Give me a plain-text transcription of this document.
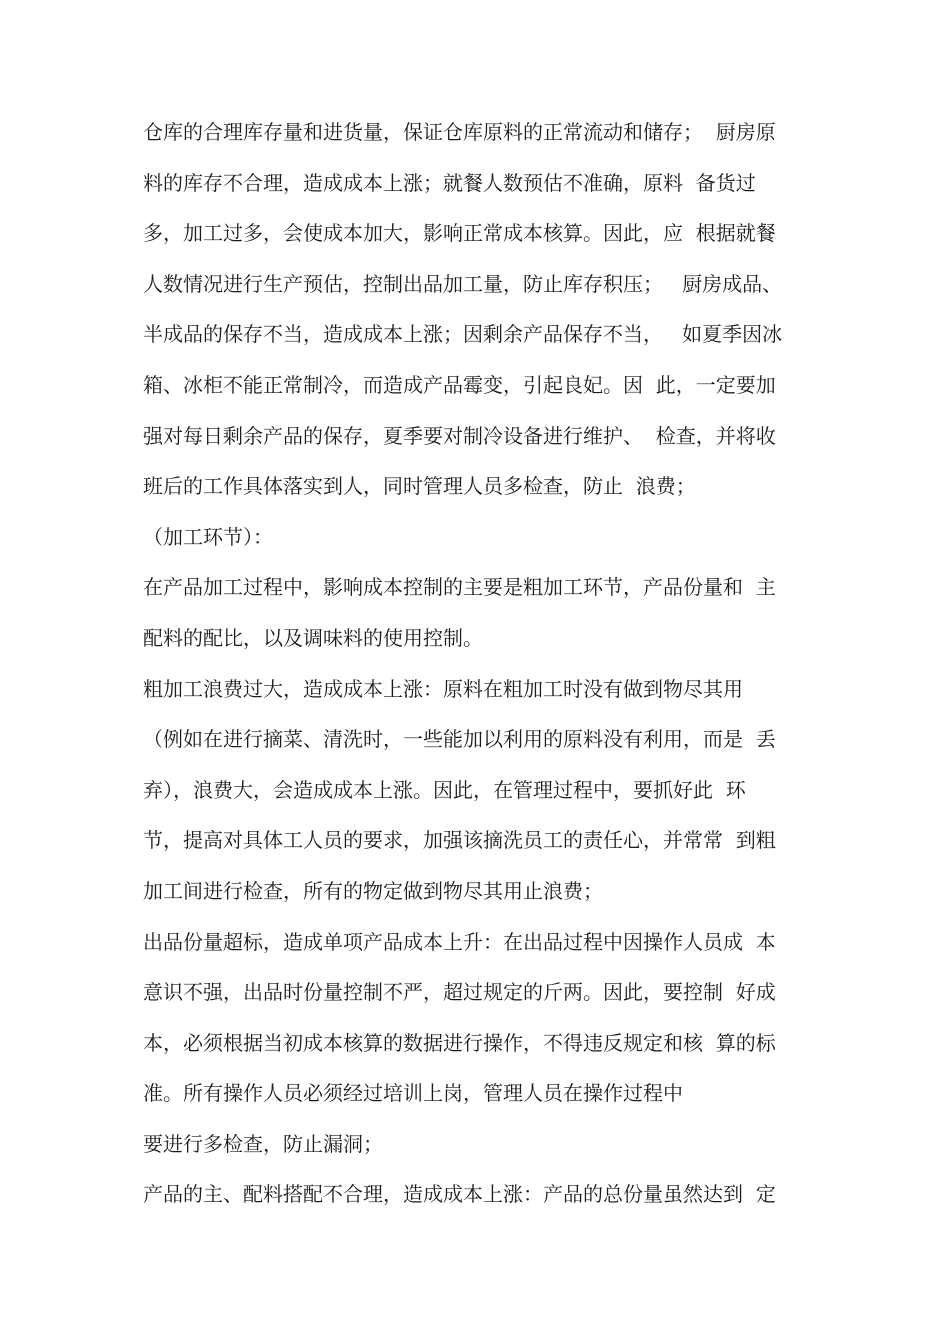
仓库的合理库存量和进货量，保证仓库原料的正常流动和储存；  厨房原
料的库存不合理，造成成本上涨；就餐人数预估不准确，原料  备货过
多，加工过多，会使成本加大，影响正常成本核算。因此，应  根据就餐
人数情况进行生产预估，控制出品加工量，防止库存积压；   厨房成品、
半成品的保存不当，造成成本上涨；因剩余产品保存不当，   如夏季因冰
箱、冰柜不能正常制冷，而造成产品霉变，引起良妃。因  此，一定要加
强对每日剩余产品的保存，夏季要对制冷设备进行维护、  检查，并将收
班后的工作具体落实到人，同时管理人员多检查，防止  浪费；
（加工环节）：
在产品加工过程中，影响成本控制的主要是粗加工环节，产品份量和  主
配料的配比，以及调味料的使用控制。
粗加工浪费过大，造成成本上涨：原料在粗加工时没有做到物尽其用
（例如在进行摘菜、清洗时，一些能加以利用的原料没有利用，而是  丢
弃），浪费大，会造成成本上涨。因此，在管理过程中，要抓好此  环
节，提高对具体工人员的要求，加强该摘洗员工的责任心，并常常  到粗
加工间进行检查，所有的物定做到物尽其用止浪费；
出品份量超标，造成单项产品成本上升：在出品过程中因操作人员成  本
意识不强，出品时份量控制不严，超过规定的斤两。因此，要控制  好成
本，必须根据当初成本核算的数据进行操作，不得违反规定和核  算的标
准。所有操作人员必须经过培训上岗，管理人员在操作过程中
要进行多检查，防止漏洞；
产品的主、配料搭配不合理，造成成本上涨：产品的总份量虽然达到  定
